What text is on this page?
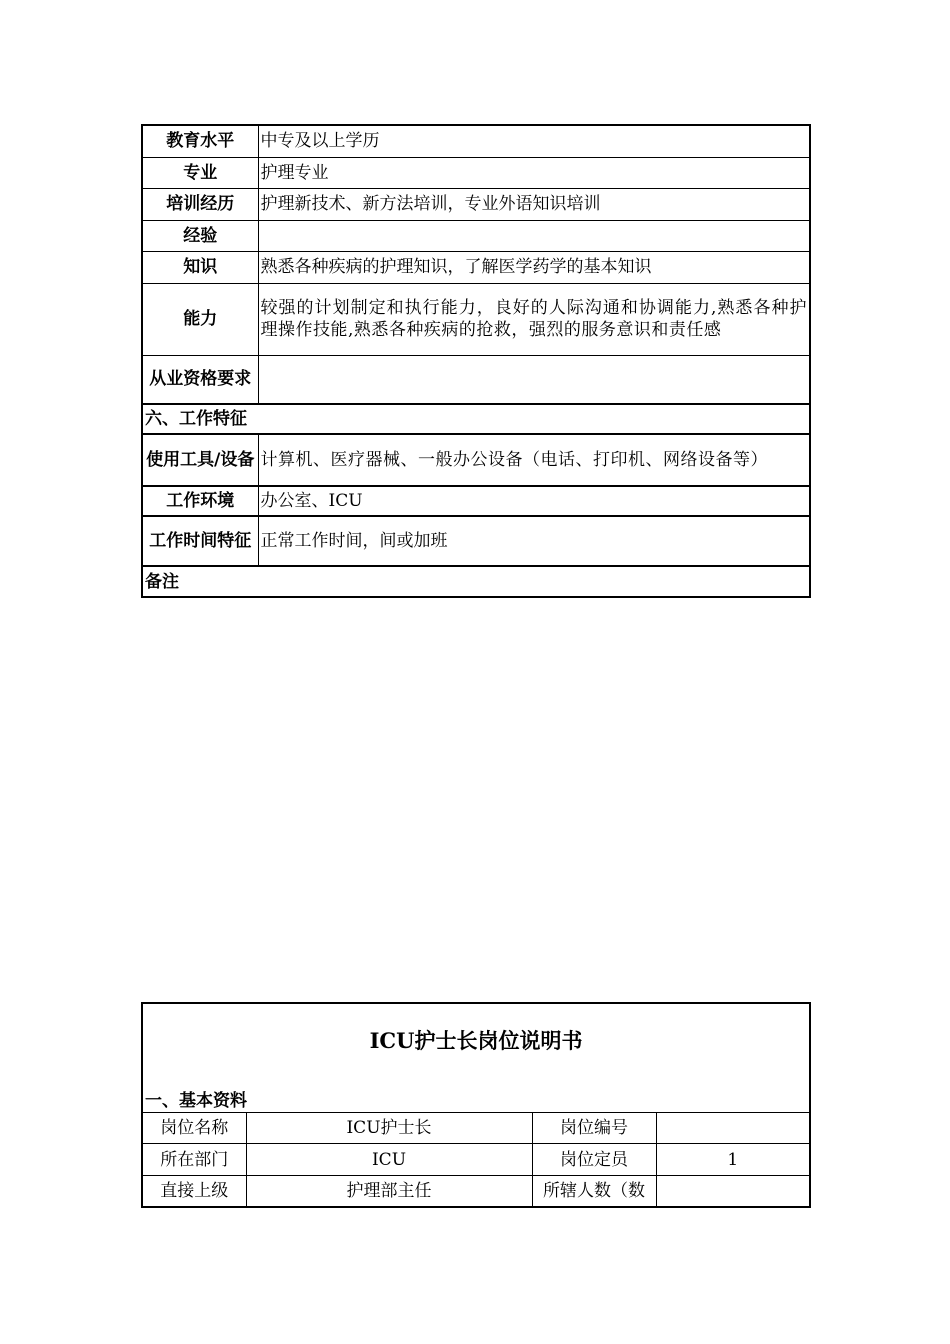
教育水平	中专及以上学历
专业	护理专业
培训经历	护理新技术、新方法培训，专业外语知识培训
经验	
知识	熟悉各种疾病的护理知识，了解医学药学的基本知识
能力	较强的计划制定和执行能力，良好的人际沟通和协调能力,熟悉各种护理操作技能,熟悉各种疾病的抢救，强烈的服务意识和责任感
从业资格要求	
六、工作特征	
使用工具/设备	计算机、医疗器械、一般办公设备（电话、打印机、网络设备等）
工作环境	办公室、ICU
工作时间特征	正常工作时间，间或加班
备注	
ICU护士长岗位说明书			
一、基本资料			
岗位名称	ICU护士长	岗位编号	
所在部门	ICU	岗位定员	1
直接上级	护理部主任	所辖人数（数	
